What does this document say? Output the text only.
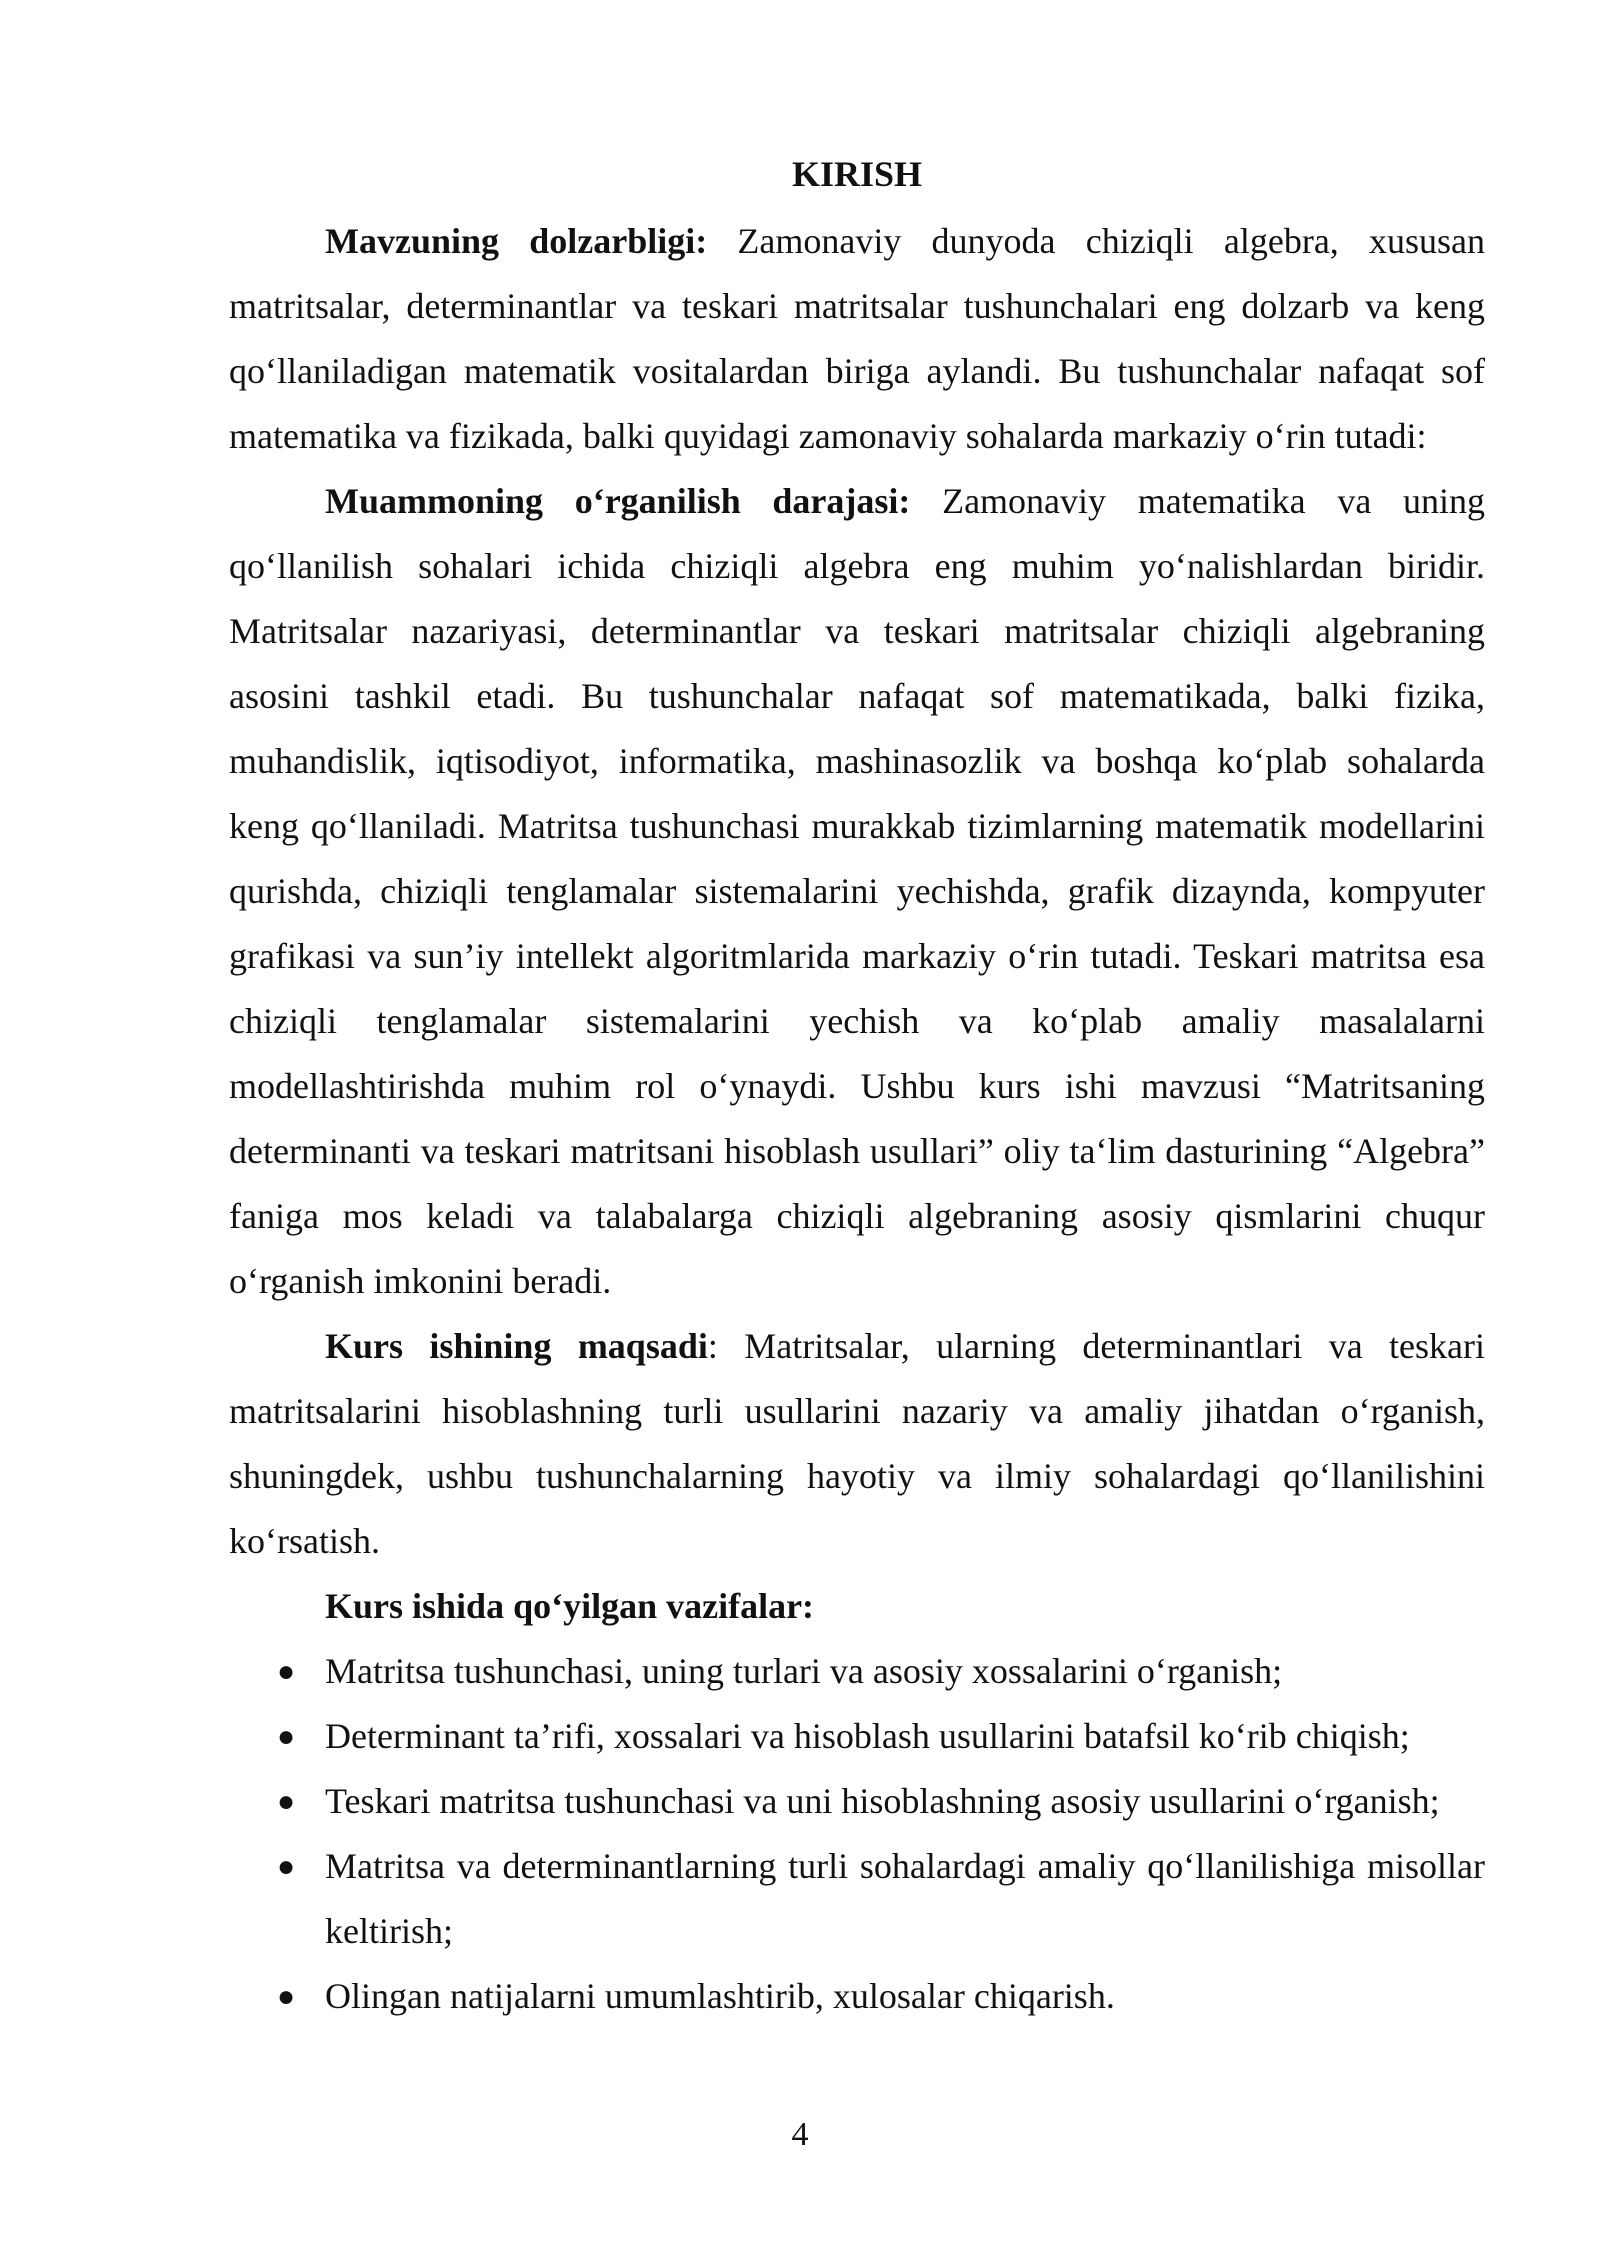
KIRISH

Mavzuning dolzarbligi: Zamonaviy dunyoda chiziqli algebra, xususan matritsalar, determinantlar va teskari matritsalar tushunchalari eng dolzarb va keng qo‘llaniladigan matematik vositalardan biriga aylandi. Bu tushunchalar nafaqat sof matematika va fizikada, balki quyidagi zamonaviy sohalarda markaziy o‘rin tutadi:

Muammoning o‘rganilish darajasi: Zamonaviy matematika va uning qo‘llanilish sohalari ichida chiziqli algebra eng muhim yo‘nalishlardan biridir. Matritsalar nazariyasi, determinantlar va teskari matritsalar chiziqli algebraning asosini tashkil etadi. Bu tushunchalar nafaqat sof matematikada, balki fizika, muhandislik, iqtisodiyot, informatika, mashinasozlik va boshqa ko‘plab sohalarda keng qo‘llaniladi. Matritsa tushunchasi murakkab tizimlarning matematik modellarini qurishda, chiziqli tenglamalar sistemalarini yechishda, grafik dizaynda, kompyuter grafikasi va sun’iy intellekt algoritmlarida markaziy o‘rin tutadi. Teskari matritsa esa chiziqli tenglamalar sistemalarini yechish va ko‘plab amaliy masalalarni modellashtirishda muhim rol o‘ynaydi. Ushbu kurs ishi mavzusi “Matritsaning determinanti va teskari matritsani hisoblash usullari” oliy ta‘lim dasturining “Algebra” faniga mos keladi va talabalarga chiziqli algebraning asosiy qismlarini chuqur o‘rganish imkonini beradi.

Kurs ishining maqsadi: Matritsalar, ularning determinantlari va teskari matritsalarini hisoblashning turli usullarini nazariy va amaliy jihatdan o‘rganish, shuningdek, ushbu tushunchalarning hayotiy va ilmiy sohalardagi qo‘llanilishini ko‘rsatish.

Kurs ishida qo‘yilgan vazifalar:

● Matritsa tushunchasi, uning turlari va asosiy xossalarini o‘rganish;
● Determinant ta’rifi, xossalari va hisoblash usullarini batafsil ko‘rib chiqish;
● Teskari matritsa tushunchasi va uni hisoblashning asosiy usullarini o‘rganish;
● Matritsa va determinantlarning turli sohalardagi amaliy qo‘llanilishiga misollar keltirish;
● Olingan natijalarni umumlashtirib, xulosalar chiqarish.
4
